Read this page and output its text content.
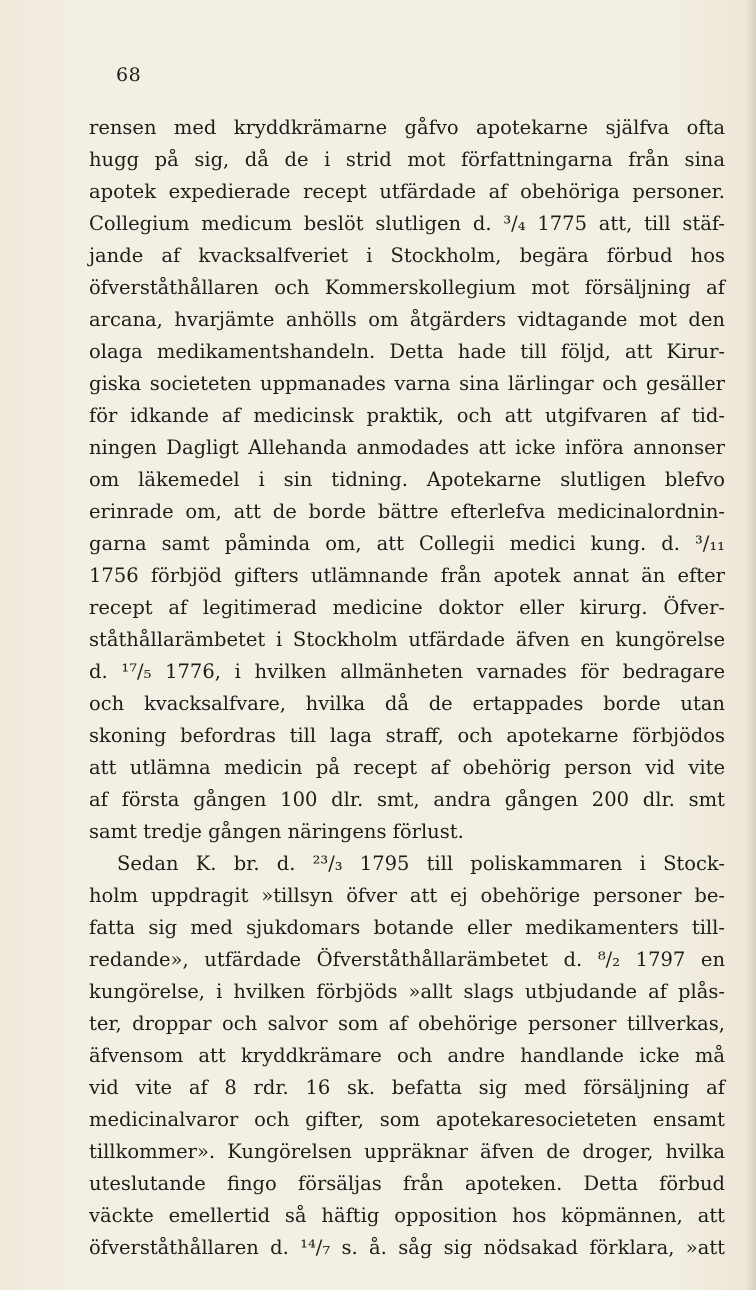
68
rensen med kryddkrämarne gåfvo apotekarne själfva ofta
hugg på sig, då de i strid mot författningarna från sina
apotek expedierade recept utfärdade af obehöriga personer.
Collegium medicum beslöt slutligen d. ³/₄ 1775 att, till stäf-
jande af kvacksalfveriet i Stockholm, begära förbud hos
öfverståthållaren och Kommerskollegium mot försäljning af
arcana, hvarjämte anhölls om åtgärders vidtagande mot den
olaga medikamentshandeln. Detta hade till följd, att Kirur-
giska societeten uppmanades varna sina lärlingar och gesäller
för idkande af medicinsk praktik, och att utgifvaren af tid-
ningen Dagligt Allehanda anmodades att icke införa annonser
om läkemedel i sin tidning. Apotekarne slutligen blefvo
erinrade om, att de borde bättre efterlefva medicinalordnin-
garna samt påminda om, att Collegii medici kung. d. ³/₁₁
1756 förbjöd gifters utlämnande från apotek annat än efter
recept af legitimerad medicine doktor eller kirurg. Öfver-
ståthållarämbetet i Stockholm utfärdade äfven en kungörelse
d. ¹⁷/₅ 1776, i hvilken allmänheten varnades för bedragare
och kvacksalfvare, hvilka då de ertappades borde utan
skoning befordras till laga straff, och apotekarne förbjödos
att utlämna medicin på recept af obehörig person vid vite
af första gången 100 dlr. smt, andra gången 200 dlr. smt
samt tredje gången näringens förlust.
Sedan K. br. d. ²³/₃ 1795 till poliskammaren i Stock-
holm uppdragit »tillsyn öfver att ej obehörige personer be-
fatta sig med sjukdomars botande eller medikamenters till-
redande», utfärdade Öfverståthållarämbetet d. ⁸/₂ 1797 en
kungörelse, i hvilken förbjöds »allt slags utbjudande af plås-
ter, droppar och salvor som af obehörige personer tillverkas,
äfvensom att kryddkrämare och andre handlande icke må
vid vite af 8 rdr. 16 sk. befatta sig med försäljning af
medicinalvaror och gifter, som apotekaresocieteten ensamt
tillkommer». Kungörelsen uppräknar äfven de droger, hvilka
uteslutande fingo försäljas från apoteken. Detta förbud
väckte emellertid så häftig opposition hos köpmännen, att
öfverståthållaren d. ¹⁴/₇ s. å. såg sig nödsakad förklara, »att
